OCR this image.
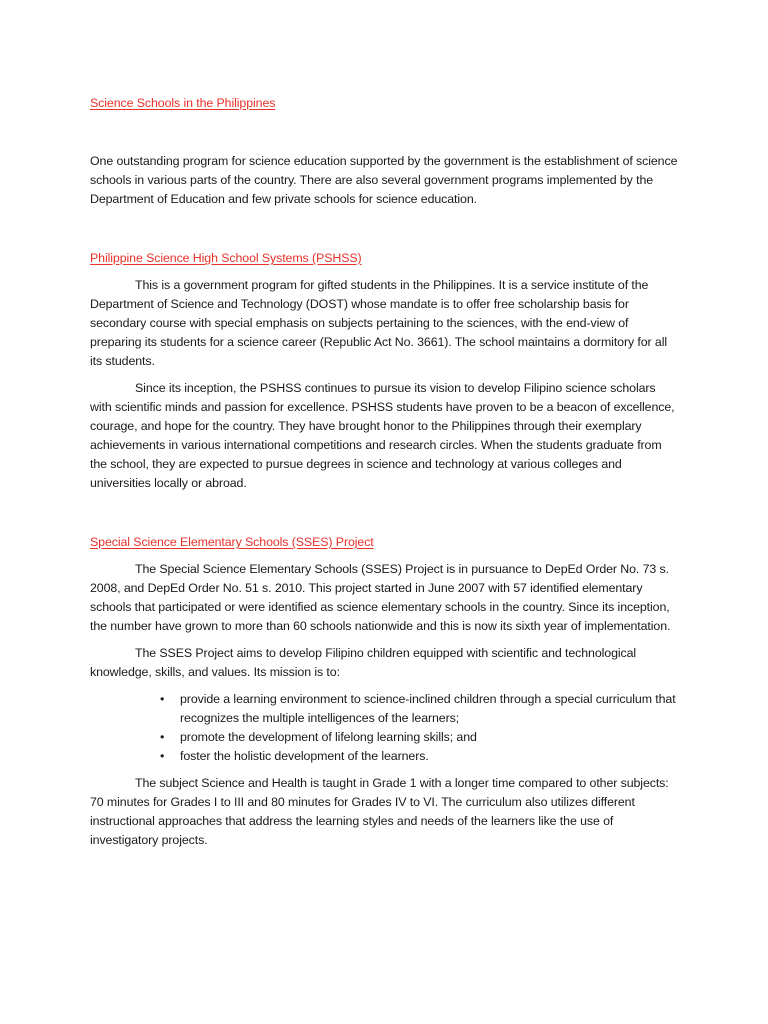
Science Schools in the Philippines

One outstanding program for science education supported by the government is the establishment of science schools in various parts of the country. There are also several government programs implemented by the Department of Education and few private schools for science education.

Philippine Science High School Systems (PSHSS)

This is a government program for gifted students in the Philippines. It is a service institute of the Department of Science and Technology (DOST) whose mandate is to offer free scholarship basis for secondary course with special emphasis on subjects pertaining to the sciences, with the end-view of preparing its students for a science career (Republic Act No. 3661). The school maintains a dormitory for all its students.

Since its inception, the PSHSS continues to pursue its vision to develop Filipino science scholars with scientific minds and passion for excellence. PSHSS students have proven to be a beacon of excellence, courage, and hope for the country. They have brought honor to the Philippines through their exemplary achievements in various international competitions and research circles. When the students graduate from the school, they are expected to pursue degrees in science and technology at various colleges and universities locally or abroad.

Special Science Elementary Schools (SSES) Project

The Special Science Elementary Schools (SSES) Project is in pursuance to DepEd Order No. 73 s. 2008, and DepEd Order No. 51 s. 2010. This project started in June 2007 with 57 identified elementary schools that participated or were identified as science elementary schools in the country. Since its inception, the number have grown to more than 60 schools nationwide and this is now its sixth year of implementation.

The SSES Project aims to develop Filipino children equipped with scientific and technological knowledge, skills, and values. Its mission is to:

• provide a learning environment to science-inclined children through a special curriculum that recognizes the multiple intelligences of the learners;
• promote the development of lifelong learning skills; and
• foster the holistic development of the learners.

The subject Science and Health is taught in Grade 1 with a longer time compared to other subjects: 70 minutes for Grades I to III and 80 minutes for Grades IV to VI. The curriculum also utilizes different instructional approaches that address the learning styles and needs of the learners like the use of investigatory projects.
